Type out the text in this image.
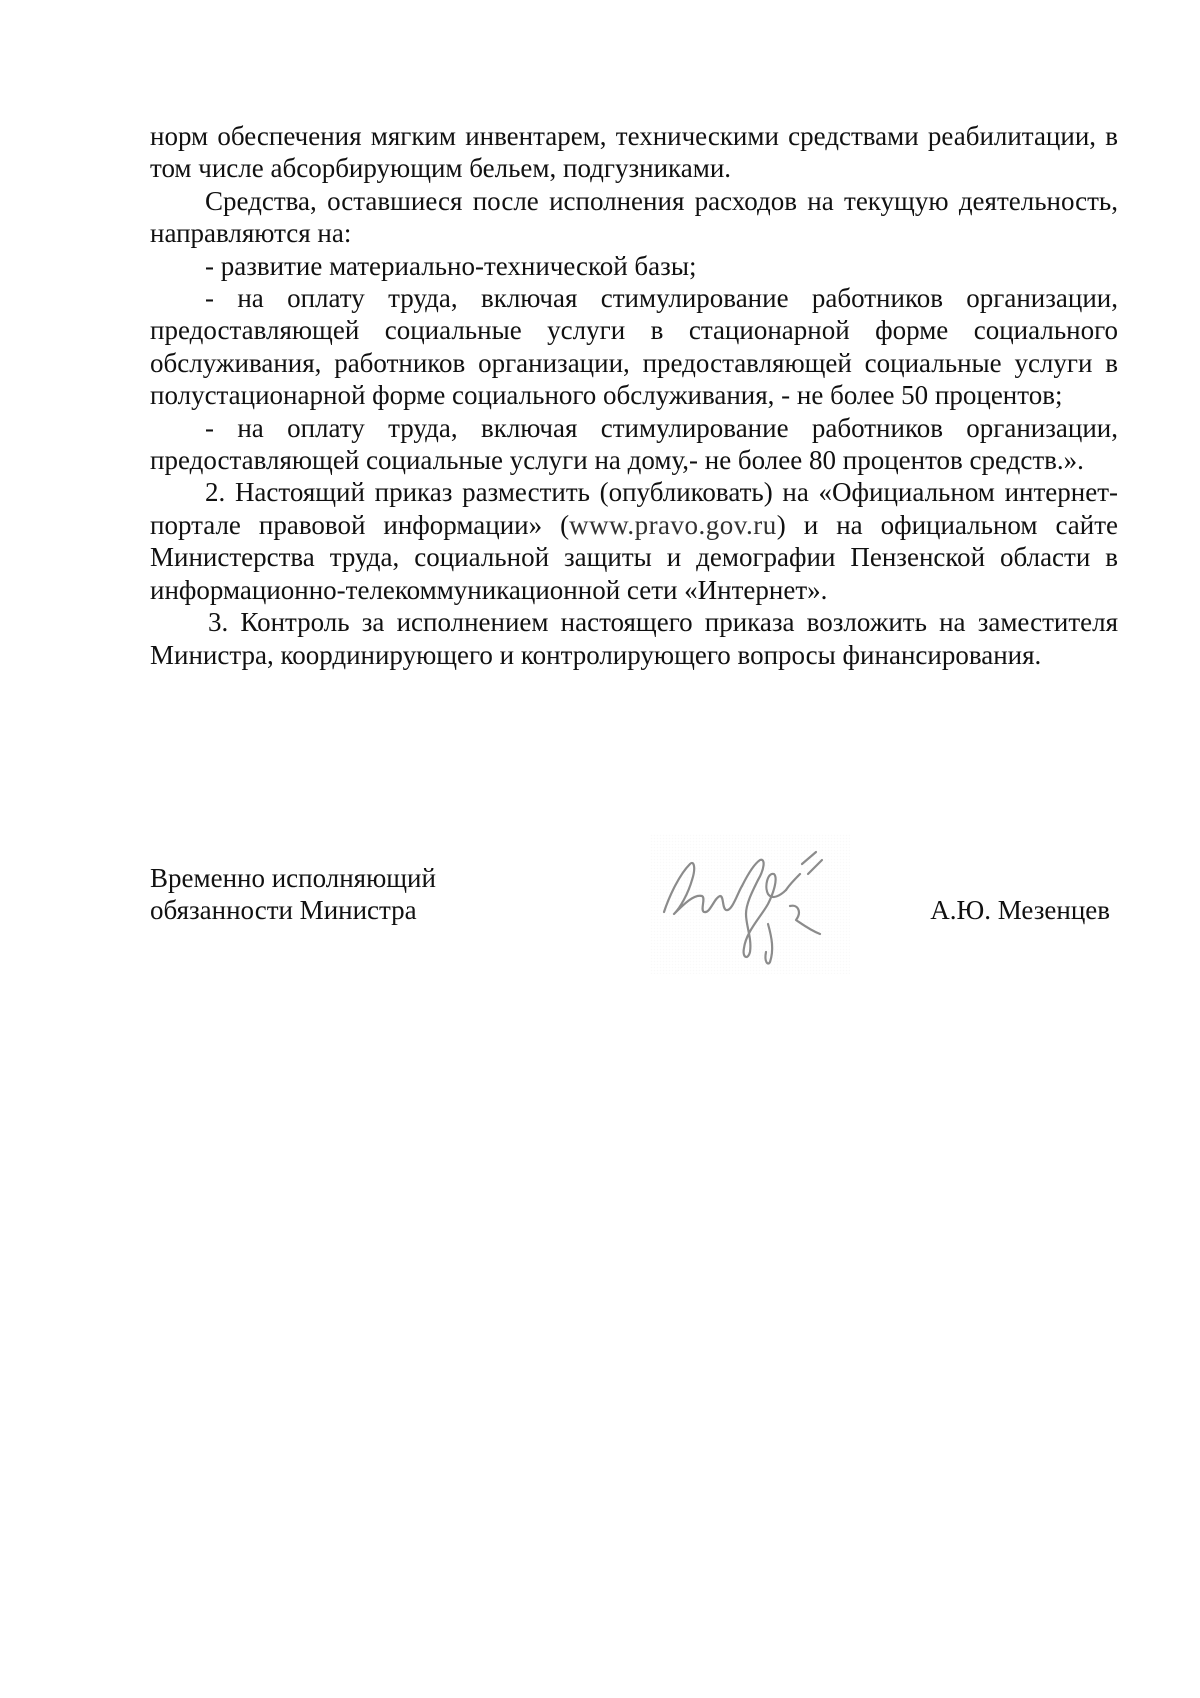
норм обеспечения мягким инвентарем, техническими средствами реабилитации, в том числе абсорбирующим бельем, подгузниками.

Средства, оставшиеся после исполнения расходов на текущую деятельность, направляются на:

- развитие материально-технической базы;

- на оплату труда, включая стимулирование работников организации, предоставляющей социальные услуги в стационарной форме социального обслуживания, работников организации, предоставляющей социальные услуги в полустационарной форме социального обслуживания, - не более 50 процентов;

- на оплату труда, включая стимулирование работников организации, предоставляющей социальные услуги на дому,- не более 80 процентов средств.».

2. Настоящий приказ разместить (опубликовать) на «Официальном интернет-портале правовой информации» (www.pravo.gov.ru) и на официальном сайте Министерства труда, социальной защиты и демографии Пензенской области в информационно-телекоммуникационной сети «Интернет».

3. Контроль за исполнением настоящего приказа возложить на заместителя Министра, координирующего и контролирующего вопросы финансирования.

Временно исполняющий
обязанности Министра	А.Ю. Мезенцев
